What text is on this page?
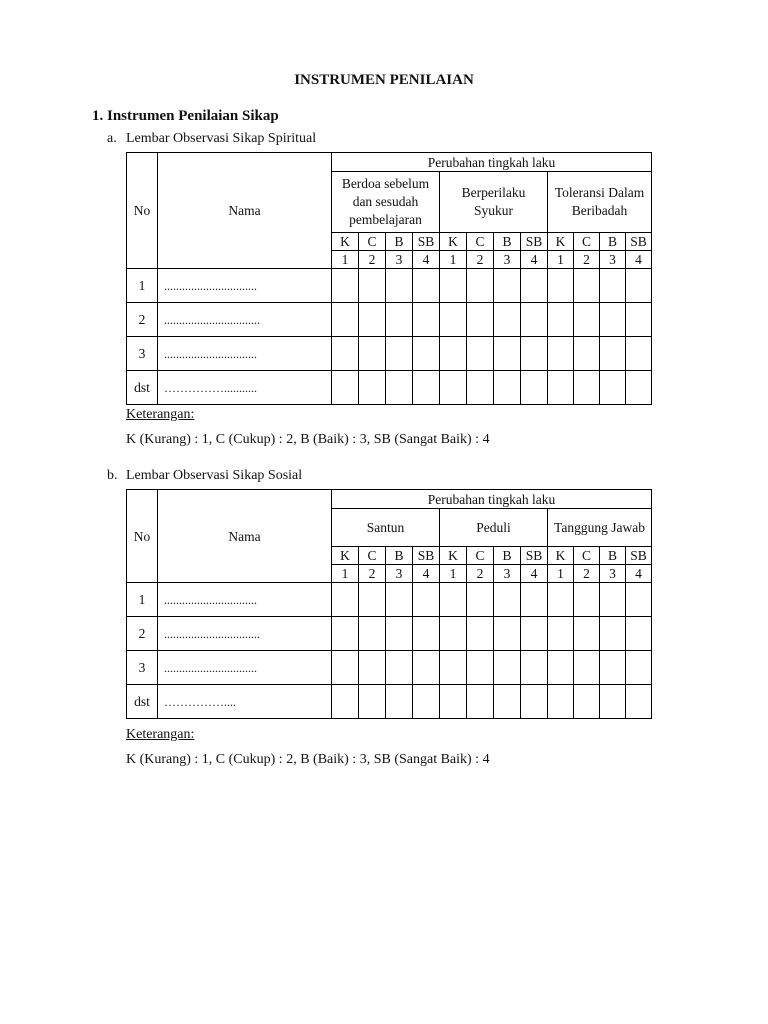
INSTRUMEN PENILAIAN
1. Instrumen Penilaian Sikap
a. Lembar Observasi Sikap Spiritual
No	Nama	Perubahan tingkah laku											

		Berdoa sebelum dan sesudah pembelajaran				Berperilaku Syukur				Toleransi Dalam Beribadah			

		K	C	B	SB	K	C	B	SB	K	C	B	SB
		1	2	3	4	1	2	3	4	1	2	3	4
1	...............................												
2	................................												
3	...............................												
dst	……………...........												
Keterangan:
K (Kurang) : 1, C (Cukup) : 2, B (Baik) : 3, SB (Sangat Baik) : 4
b. Lembar Observasi Sikap Sosial
No	Nama	Perubahan tingkah laku											

		Santun				Peduli				Tanggung Jawab			

		K	C	B	SB	K	C	B	SB	K	C	B	SB
		1	2	3	4	1	2	3	4	1	2	3	4
1	...............................												
2	................................												
3	...............................												
dst	……………....												
Keterangan:
K (Kurang) : 1, C (Cukup) : 2, B (Baik) : 3, SB (Sangat Baik) : 4
